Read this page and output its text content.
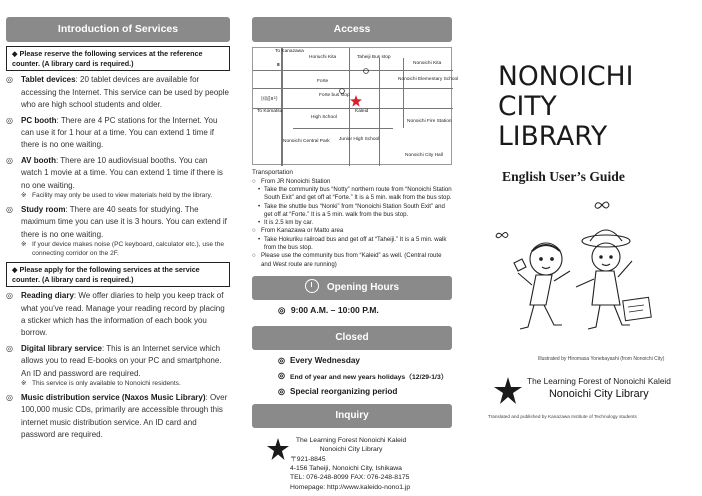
Introduction of Services
◆ Please reserve the following services at the reference counter. (A library card is required.)
◎	Tablet devices: 20 tablet devices are available for accessing the Internet. This service can be used by people who are high school students and older.
◎	PC booth: There are 4 PC stations for the Internet. You can use it for 1 hour at a time. You can extend 1 time if there is no one waiting.
◎	AV booth: There are 10 audiovisual booths. You can watch 1 movie at a time. You can extend 1 time if there is no one waiting.
※ Facility may only be used to view materials held by the library.
◎	Study room: There are 40 seats for studying. The maximum time you can use it is 3 hours. You can extend if there is no one waiting.
※ If your device makes noise (PC keyboard, calculator etc.), use the connecting corridor on the 2F.
◆ Please apply for the following services at the service counter. (A library card is required.)
◎	Reading diary: We offer diaries to help you keep track of what you’ve read. Manage your reading record by placing a sticker which has the information of each book you borrow.
◎	Digital library service: This is an Internet service which allows you to read E-books on your PC and smartphone. An ID and password are required.
※ This service is only available to Nonoichi residents.
◎	Music distribution service (Naxos Music Library): Over 100,000 music CDs, primarily are accessible through this internet music distribution service. An ID card and password are required.
Access
To Kanazawa
Horiuchi Kita	Taheiji Bus stop
Nonoichi Elementary School
Forte bus stop
Forte
Kaleid
To Komatsu
8
国道8号
High School
Nonoichi Fire Station
Junior High School
Nonoichi Central Park
Nonoichi City Hall
Nonoichi Kita
Transportation
○ From JR Nonoichi Station
• Take the community bus “Notty” northern route from “Nonoichi Station South Exit” and get off at “Forte.” It is a 5 min. walk from the bus stop.
• Take the shuttle bus “Nonki” from “Nonoichi Station South Exit” and get off at “Forte.” It is a 5 min. walk from the bus stop.
• It is 2.5 km by car.
○ From Kanazawa or Matto area
• Take Hokuriku railroad bus and get off at “Taheiji.” It is a 5 min. walk from the bus stop.
○ Please use the community bus from “Kaleid” as well. (Central route and West route are running)
Opening Hours
◎ 9:00 A.M. – 10:00 P.M.
Closed
◎ Every Wednesday
◎ End of year and new years holidays（12/29-1/3）
◎ Special reorganizing period
Inquiry
The Learning Forest Nonoichi Kaleid
Nonoichi City Library
〒921-8845
4-156 Taheiji, Nonoichi City, Ishikawa
TEL: 076-248-8099 FAX: 076-248-8175
Homepage: http://www.kaleido-nono1.jp
NONOICHI
CITY
LIBRARY
English User’s Guide
Illustrated by Hiromasa Yonebayashi (from Nonoichi City)
The Learning Forest of Nonoichi Kaleid
Nonoichi City Library
Translated and published by Kanazawa Institute of Technology students
